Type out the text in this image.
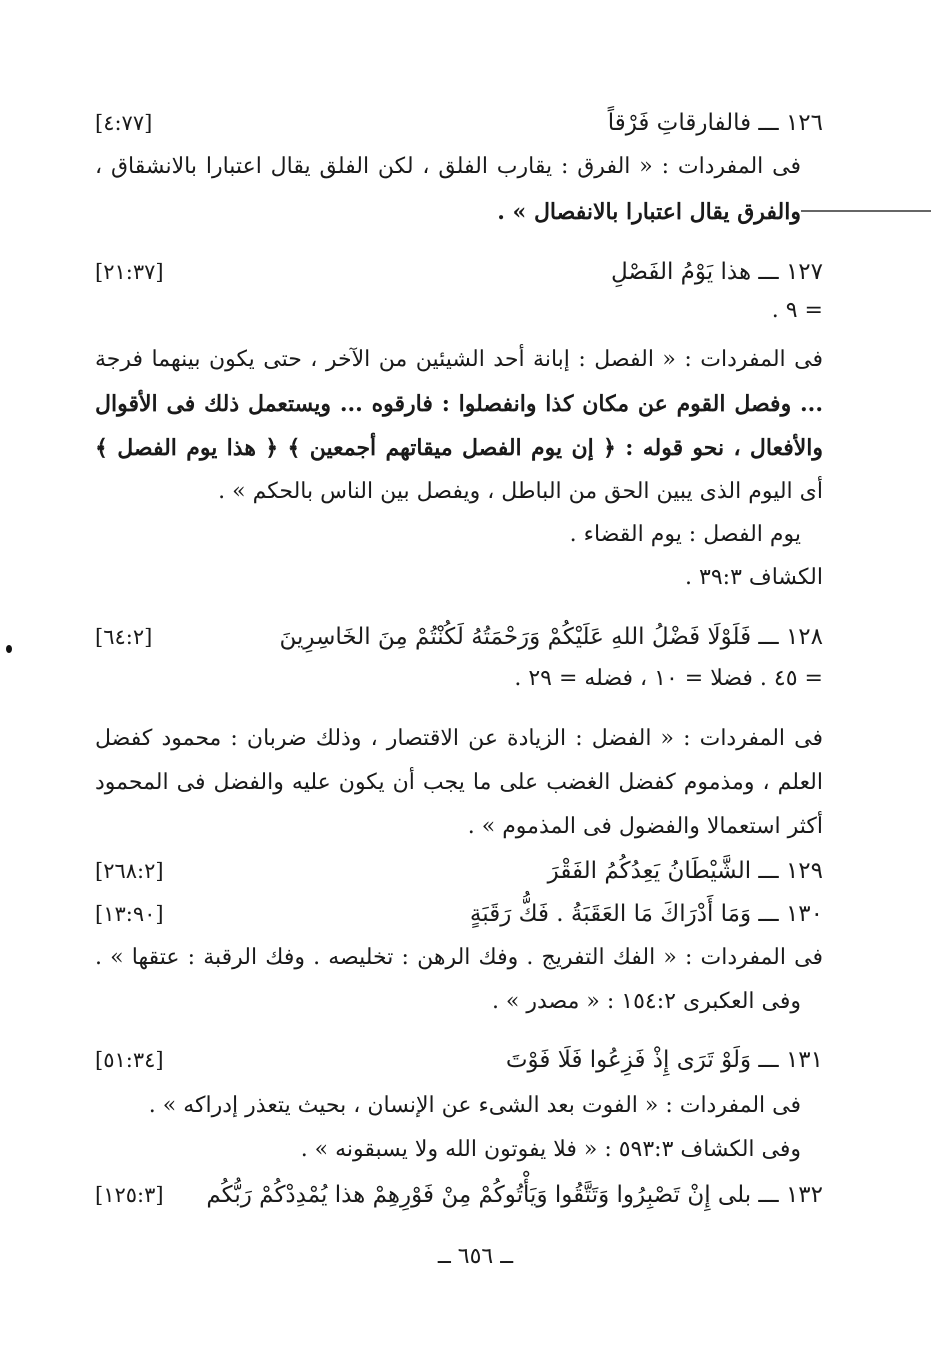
١٢٦ ـــ فالفارقاتِ فَرْقاً
[٤:٧٧]
فى المفردات : « الفرق : يقارب الفلق ، لكن الفلق يقال اعتبارا بالانشقاق ،
والفرق يقال اعتبارا بالانفصال » .
١٢٧ ـــ هذا يَوْمُ الفَصْلِ
[٢١:٣٧]
= ٩ .
فى المفردات : « الفصل : إبانة أحد الشيئين من الآخر ، حتى يكون بينهما فرجة
... وفصل القوم عن مكان كذا وانفصلوا : فارقوه ... ويستعمل ذلك فى الأقوال
والأفعال ، نحو قوله : ﴿ إن يوم الفصل ميقاتهم أجمعين ﴾ ﴿ هذا يوم الفصل ﴾
أى اليوم الذى يبين الحق من الباطل ، ويفصل بين الناس بالحكم » .
يوم الفصل : يوم القضاء .
الكشاف ٣٩:٣ .
١٢٨ ـــ فَلَوْلَا فَضْلُ اللهِ عَلَيْكُمْ وَرَحْمَتُهُ لَكُنْتُمْ مِنَ الخَاسِرِينَ
[٦٤:٢]
= ٤٥ . فضلا = ١٠ ، فضله = ٢٩ .
فى المفردات : « الفضل : الزيادة عن الاقتصار ، وذلك ضربان : محمود كفضل
العلم ، ومذموم كفضل الغضب على ما يجب أن يكون عليه والفضل فى المحمود
أكثر استعمالا والفضول فى المذموم » .
١٢٩ ـــ الشَّيْطَانُ يَعِدُكُمُ الفَقْرَ
[٢٦٨:٢]
١٣٠ ـــ وَمَا أَدْرَاكَ مَا العَقَبَةُ . فَكُّ رَقَبَةٍ
[١٣:٩٠]
فى المفردات : « الفك التفريج . وفك الرهن : تخليصه . وفك الرقبة : عتقها » .
وفى العكبرى ١٥٤:٢ : « مصدر » .
١٣١ ـــ وَلَوْ تَرَى إِذْ فَزِعُوا فَلَا فَوْتَ
[٥١:٣٤]
فى المفردات : « الفوت بعد الشىء عن الإنسان ، بحيث يتعذر إدراكه » .
وفى الكشاف ٥٩٣:٣ : « فلا يفوتون الله ولا يسبقونه » .
١٣٢ ـــ بلى إِنْ تَصْبِرُوا وَتَتَّقُوا وَيَأْتُوكُمْ مِنْ فَوْرِهِمْ هذا يُمْدِدْكُمْ رَبُّكُم
[١٢٥:٣]
ــ ٦٥٦ ــ
